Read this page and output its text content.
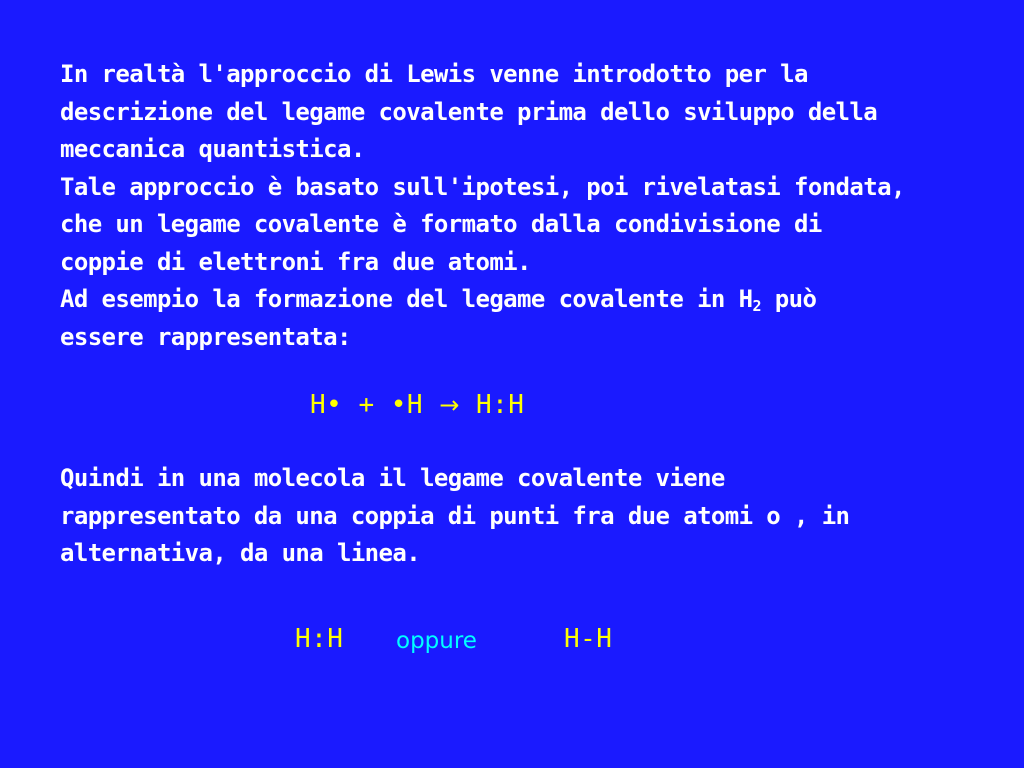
In realtà l'approccio di Lewis venne introdotto per la
descrizione del legame covalente prima dello sviluppo della
meccanica quantistica.
Tale approccio è basato sull'ipotesi, poi rivelatasi fondata,
che un legame covalente è formato dalla condivisione di
coppie di elettroni fra due atomi.
Ad esempio la formazione del legame covalente in $H_2$ può
essere rappresentata:
H• + •H → H:H
Quindi in una molecola il legame covalente viene
rappresentato da una coppia di punti fra due atomi o , in
alternativa, da una linea.
H:H oppure	H-H
